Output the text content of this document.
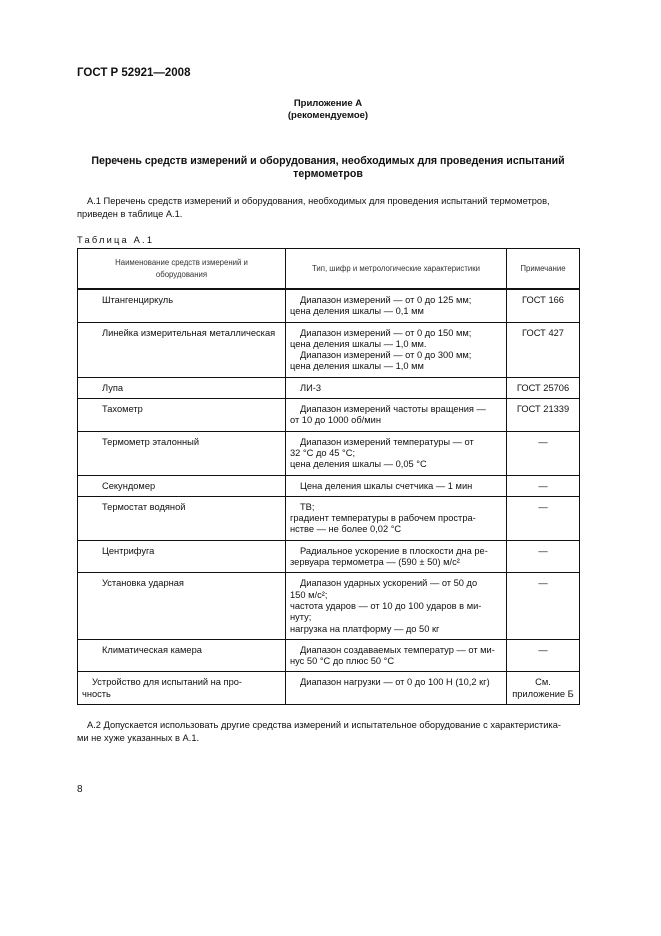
ГОСТ Р 52921—2008
Приложение А
(рекомендуемое)
Перечень средств измерений и оборудования, необходимых для проведения испытаний
термометров
А.1 Перечень средств измерений и оборудования, необходимых для проведения испытаний термометров,
приведен в таблице А.1.
Таблица А.1
Наименование средств измерений и оборудования	Тип, шифр и метрологические характеристики	Примечание

Штангенциркуль	Диапазон измерений — от 0 до 125 мм;
цена деления шкалы — 0,1 мм	ГОСТ 166

Линейка измерительная металлическая	Диапазон измерений — от 0 до 150 мм;
цена деления шкалы — 1,0 мм.
Диапазон измерений — от 0 до 300 мм;
цена деления шкалы — 1,0 мм	ГОСТ 427

Лупа	ЛИ-3	ГОСТ 25706

Тахометр	Диапазон измерений частоты вращения —
от 10 до 1000 об/мин	ГОСТ 21339

Термометр эталонный	Диапазон измерений температуры — от
32 °С до 45 °С;
цена деления шкалы — 0,05 °С	—

Секундомер	Цена деления шкалы счетчика — 1 мин	—

Термостат водяной	ТВ;
градиент температуры в рабочем простра-
нстве — не более 0,02 °С	—

Центрифуга	Радиальное ускорение в плоскости дна ре-
зервуара термометра — (590 ± 50) м/с²	—

Установка ударная	Диапазон ударных ускорений — от 50 до
150 м/с²;
частота ударов — от 10 до 100 ударов в ми-
нуту;
нагрузка на платформу — до 50 кг	—

Климатическая камера	Диапазон создаваемых температур — от ми-
нус 50 °С до плюс 50 °С	—

Устройство для испытаний на про-
чность	Диапазон нагрузки — от 0 до 100 Н (10,2 кг)	См. приложение Б
А.2 Допускается использовать другие средства измерений и испытательное оборудование с характеристика-
ми не хуже указанных в А.1.
8
